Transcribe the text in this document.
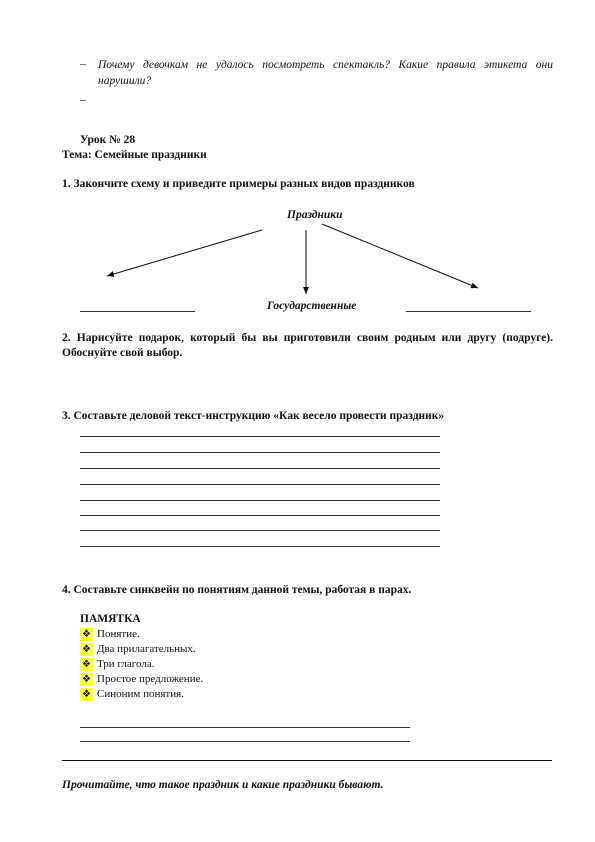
– Почему девочкам не удалось посмотреть спектакль? Какие правила этикета они
нарушили?
–
Урок № 28
Тема: Семейные праздники
1. Закончите схему и приведите примеры разных видов праздников
Праздники
Государственные
2. Нарисуйте подарок, который бы вы приготовили своим родным или другу (подруге).
Обоснуйте свой выбор.
3. Составьте деловой текст-инструкцию «Как весело провести праздник»
4. Составьте синквейн по понятиям данной темы, работая в парах.
ПАМЯТКА
❖ Понятие.
❖ Два прилагательных.
❖ Три глагола.
❖ Простое предложение.
❖ Синоним понятия.
Прочитайте, что такое праздник и какие праздники бывают.
